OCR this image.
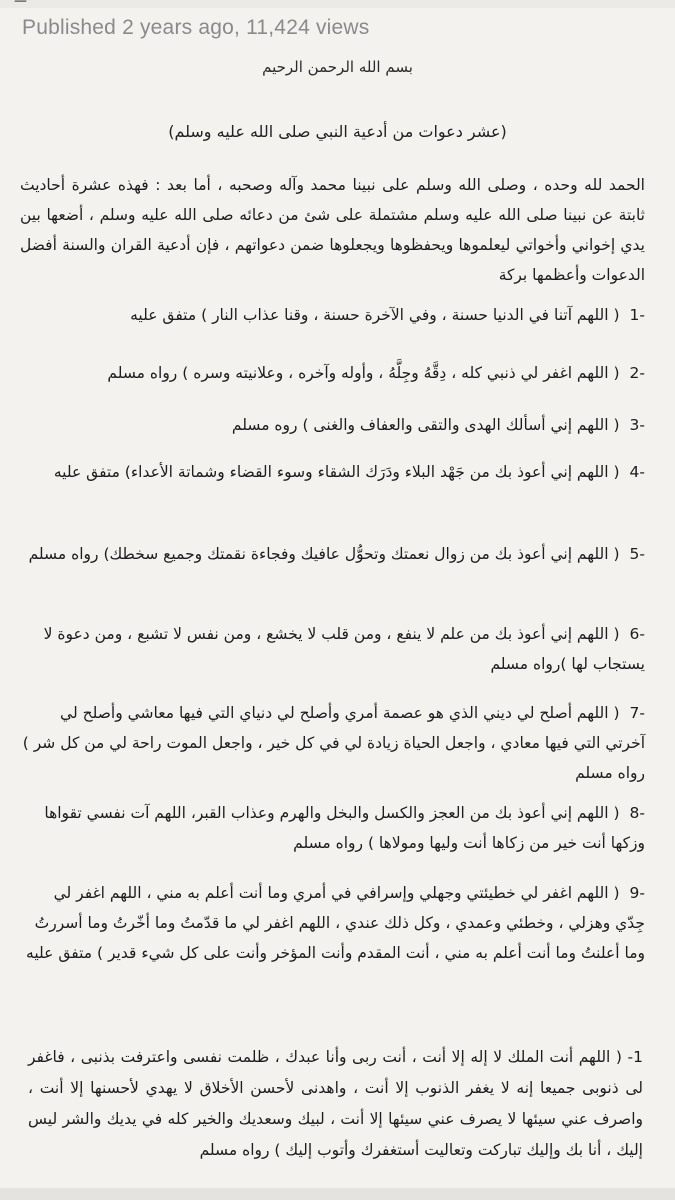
—
Published 2 years ago, 11,424 views
بسم الله الرحمن الرحيم
(عشر دعوات من أدعية النبي صلى الله عليه وسلم)
الحمد لله وحده ، وصلى الله وسلم على نبينا محمد وآله وصحبه ، أما بعد : فهذه عشرة أحاديث ثابتة عن نبينا صلى الله عليه وسلم مشتملة على شئ من دعائه صلى الله عليه وسلم ، أضعها بين يدي إخواني وأخواتي ليعلموها ويحفظوها ويجعلوها ضمن دعواتهم ، فإن أدعية القران والسنة أفضل الدعوات وأعظمها بركة
-1( اللهم آتنا في الدنيا حسنة ، وفي الآخرة حسنة ، وقنا عذاب النار ) متفق عليه
-2( اللهم اغفر لي ذنبي كله ، دِقَّهُ وجِلَّهُ ، وأوله وآخره ، وعلانيته وسره ) رواه مسلم
-3( اللهم إني أسألك الهدى والتقى والعفاف والغنى ) روه مسلم
-4( اللهم إني أعوذ بك من جَهْد البلاء ودَرَك الشقاء وسوء القضاء وشماتة الأعداء) متفق عليه
-5( اللهم إني أعوذ بك من زوال نعمتك وتحوُّل عافيك وفجاءة نقمتك وجميع سخطك) رواه مسلم
-6( اللهم إني أعوذ بك من علم لا ينفع ، ومن قلب لا يخشع ، ومن نفس لا تشبع ، ومن دعوة لا يستجاب لها )رواه مسلم
-7( اللهم أصلح لي ديني الذي هو عصمة أمري وأصلح لي دنياي التي فيها معاشي وأصلح لي آخرتي التي فيها معادي ، واجعل الحياة زيادة لي في كل خير ، واجعل الموت راحة لي من كل شر ) رواه مسلم
-8( اللهم إني أعوذ بك من العجز والكسل والبخل والهرم وعذاب القبر، اللهم آت نفسي تقواها وزكها أنت خير من زكاها أنت وليها ومولاها ) رواه مسلم
-9( اللهم اغفر لي خطيئتي وجهلي وإسرافي في أمري وما أنت أعلم به مني ، اللهم اغفر لي جِدّي وهزلي ، وخطئي وعمدي ، وكل ذلك عندي ، اللهم اغفر لي ما قدّمتُ وما أخّرتُ وما أسررتُ وما أعلنتُ وما أنت أعلم به مني ، أنت المقدم وأنت المؤخر وأنت على كل شيء قدير ) متفق عليه
1- ( اللهم أنت الملك لا إله إلا أنت ، أنت ربى وأنا عبدك ، ظلمت نفسى واعترفت بذنبى ، فاغفر لى ذنوبى جميعا إنه لا يغفر الذنوب إلا أنت ، واهدنى لأحسن الأخلاق لا يهدي لأحسنها إلا أنت ، واصرف عني سيئها لا يصرف عني سيئها إلا أنت ، لبيك وسعديك والخير كله في يديك والشر ليس إليك ، أنا بك وإليك تباركت وتعاليت أستغفرك وأتوب إليك ) رواه مسلم
